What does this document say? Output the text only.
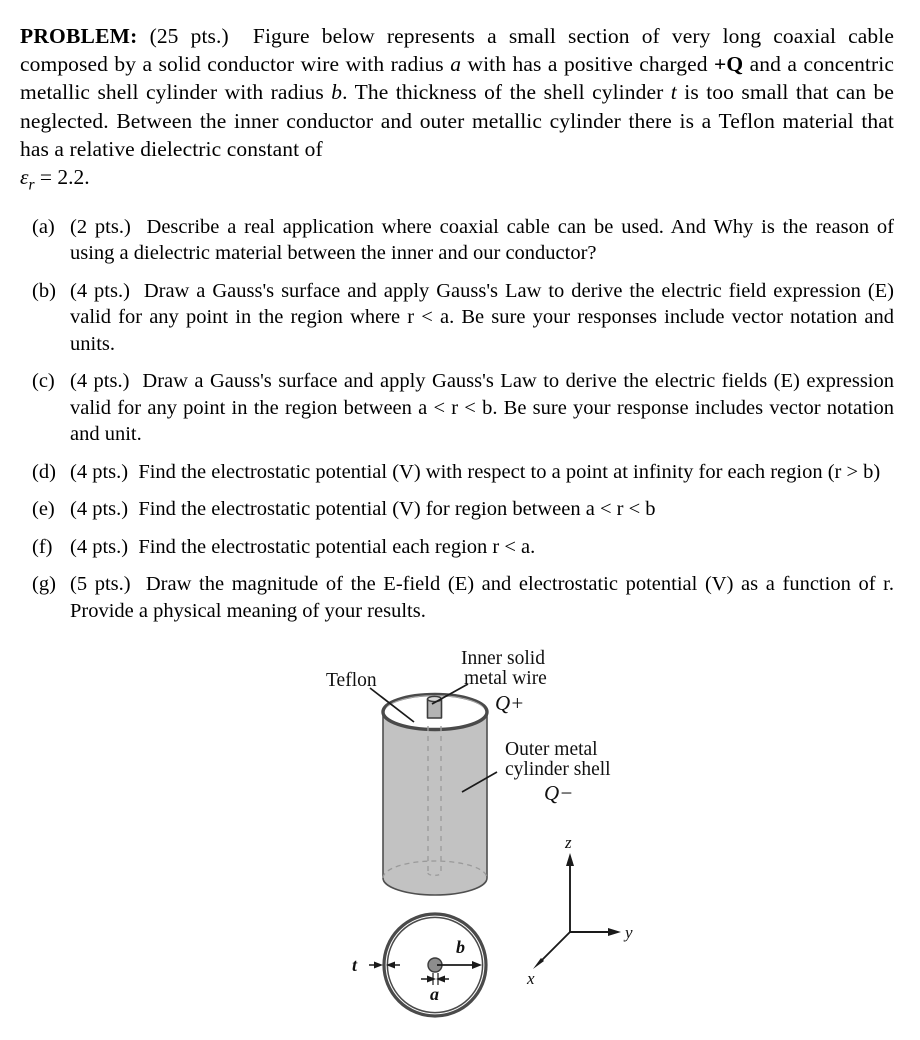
PROBLEM: (25 pts.) Figure below represents a small section of very long coaxial cable composed by a solid conductor wire with radius a with has a positive charged +Q and a concentric metallic shell cylinder with radius b. The thickness of the shell cylinder t is too small that can be neglected. Between the inner conductor and outer metallic cylinder there is a Teflon material that has a relative dielectric constant of

$\varepsilon_r = 2.2$.

(a) (2 pts.) Describe a real application where coaxial cable can be used. And Why is the reason of using a dielectric material between the inner and our conductor?
(b) (4 pts.) Draw a Gauss's surface and apply Gauss's Law to derive the electric field expression (E) valid for any point in the region where r < a. Be sure your responses include vector notation and units.
(c) (4 pts.) Draw a Gauss's surface and apply Gauss's Law to derive the electric fields (E) expression valid for any point in the region between a < r < b. Be sure your response includes vector notation and unit.
(d) (4 pts.) Find the electrostatic potential (V) with respect to a point at infinity for each region (r > b)
(e) (4 pts.) Find the electrostatic potential (V) for region between a < r < b
(f) (4 pts.) Find the electrostatic potential each region r < a.
(g) (5 pts.) Draw the magnitude of the E-field (E) and electrostatic potential (V) as a function of r. Provide a physical meaning of your results.
Teflon
Inner solid
metal wire
Q+
Outer metal
cylinder shell
Q−
b
a
t
z
y
x
